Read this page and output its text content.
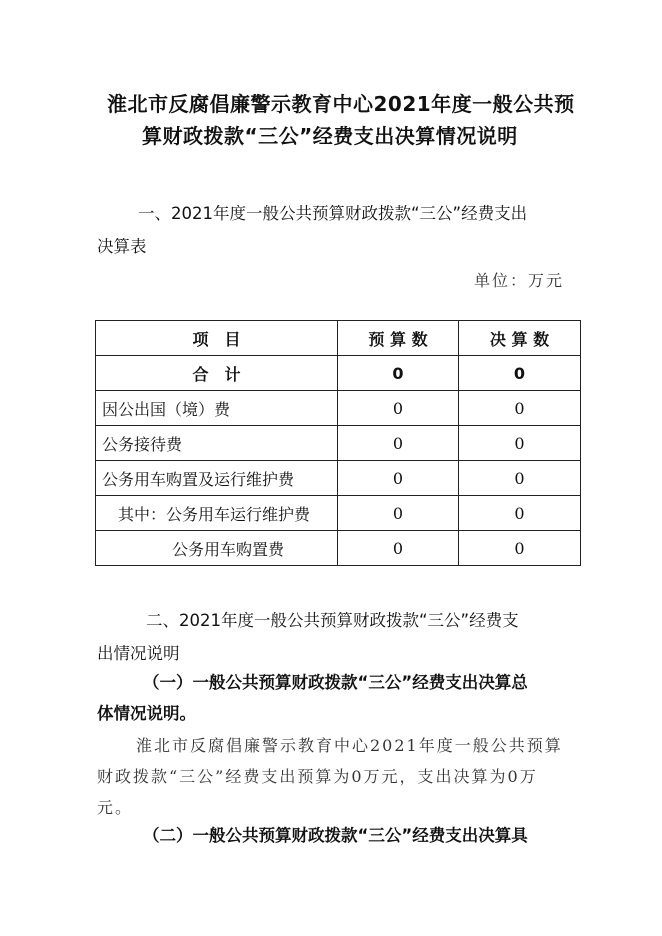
淮北市反腐倡廉警示教育中心2021年度一般公共预
算财政拨款“三公”经费支出决算情况说明
一、2021年度一般公共预算财政拨款“三公”经费支出
决算表
单位：万元
项　目	预 算 数	决 算 数
合　计	0	0
因公出国（境）费	0	0
公务接待费	0	0
公务用车购置及运行维护费	0	0
其中：公务用车运行维护费	0	0
公务用车购置费	0	0
二、2021年度一般公共预算财政拨款“三公”经费支
出情况说明
（一）一般公共预算财政拨款“三公”经费支出决算总
体情况说明。
淮北市反腐倡廉警示教育中心2021年度一般公共预算
财政拨款“三公”经费支出预算为0万元，支出决算为0万
元。
（二）一般公共预算财政拨款“三公”经费支出决算具
